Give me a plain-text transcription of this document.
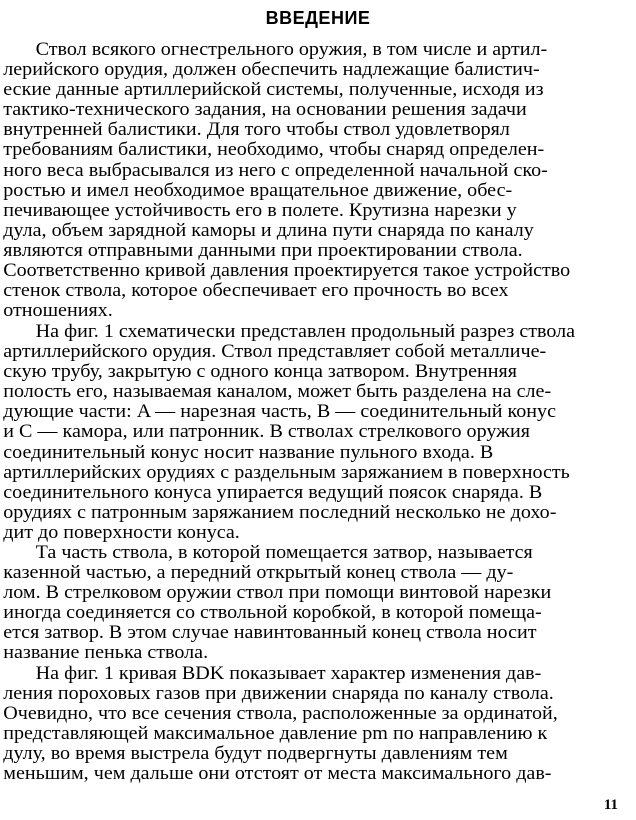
ВВЕДЕНИЕ
Ствол всякого огнестрельного оружия, в том числе и артил-
лерийского орудия, должен обеспечить надлежащие балистич-
еские данные артиллерийской системы, полученные, исходя из
тактико-технического задания, на основании решения задачи
внутренней балистики. Для того чтобы ствол удовлетворял
требованиям балистики, необходимо, чтобы снаряд определен-
ного веса выбрасывался из него с определенной начальной ско-
ростью и имел необходимое вращательное движение, обес-
печивающее устойчивость его в полете. Крутизна нарезки у
дула, объем зарядной каморы и длина пути снаряда по каналу
являются отправными данными при проектировании ствола.
Соответственно кривой давления проектируется такое устройство
стенок ствола, которое обеспечивает его прочность во всех
отношениях.
На фиг. 1 схематически представлен продольный разрез ствола
артиллерийского орудия. Ствол представляет собой металличе-
скую трубу, закрытую с одного конца затвором. Внутренняя
полость его, называемая каналом, может быть разделена на сле-
дующие части: A — нарезная часть, B — соединительный конус
и C — камора, или патронник. В стволах стрелкового оружия
соединительный конус носит название пульного входа. В
артиллерийских орудиях с раздельным заряжанием в поверхность
соединительного конуса упирается ведущий поясок снаряда. В
орудиях с патронным заряжанием последний несколько не дохо-
дит до поверхности конуса.
Та часть ствола, в которой помещается затвор, называется
казенной частью, а передний открытый конец ствола — ду-
лом. В стрелковом оружии ствол при помощи винтовой нарезки
иногда соединяется со ствольной коробкой, в которой помеща-
ется затвор. В этом случае навинтованный конец ствола носит
название пенька ствола.
На фиг. 1 кривая BDK показывает характер изменения дав-
ления пороховых газов при движении снаряда по каналу ствола.
Очевидно, что все сечения ствола, расположенные за ординатой,
представляющей максимальное давление pm по направлению к
дулу, во время выстрела будут подвергнуты давлениям тем
меньшим, чем дальше они отстоят от места максимального дав-
11
